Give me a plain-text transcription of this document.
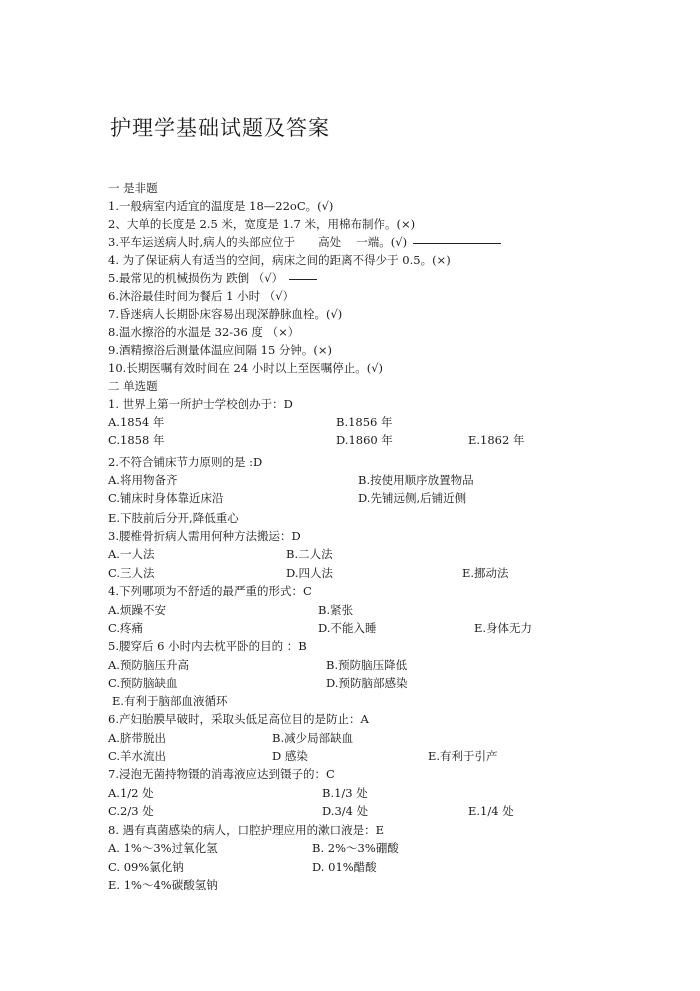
护理学基础试题及答案
一 是非题
1.一般病室内适宜的温度是 18—22oC。(√)
2、大单的长度是 2.5 米，宽度是 1.7 米，用棉布制作。(×)
3.平车运送病人时,病人的头部应位于　　高处　 一端。(√)
4. 为了保证病人有适当的空间，病床之间的距离不得少于 0.5。(×)
5.最常见的机械损伤为 跌倒 （√）
6.沐浴最佳时间为餐后 1 小时 （√）
7.昏迷病人长期卧床容易出现深静脉血栓。(√)
8.温水擦浴的水温是 32-36 度 （×）
9.酒精擦浴后测量体温应间隔 15 分钟。(×)
10.长期医嘱有效时间在 24 小时以上至医嘱停止。(√)
二 单选题
1. 世界上第一所护士学校创办于：D
A.1854 年	B.1856 年
C.1858 年	D.1860 年	E.1862 年
2.不符合铺床节力原则的是 :D
A.将用物备齐	B.按使用顺序放置物品
C.铺床时身体靠近床沿	D.先铺远侧,后铺近侧
E.下肢前后分开,降低重心
3.腰椎骨折病人需用何种方法搬运：D
A.一人法	B.二人法
C.三人法	D.四人法	E.挪动法
4.下列哪项为不舒适的最严重的形式：C
A.烦躁不安	B.紧张
C.疼痛	D.不能入睡	E.身体无力
5.腰穿后 6 小时内去枕平卧的目的 ：B
A.预防脑压升高	B.预防脑压降低
C.预防脑缺血	D.预防脑部感染
E.有利于脑部血液循环
6.产妇胎膜早破时，采取头低足高位目的是防止：A
A.脐带脱出	B.减少局部缺血
C.羊水流出	D 感染	E.有利于引产
7.浸泡无菌持物镊的消毒液应达到镊子的：C
A.1/2 处	B.1/3 处
C.2/3 处	D.3/4 处	E.1/4 处
8. 遇有真菌感染的病人，口腔护理应用的漱口液是：E
A. 1%～3%过氧化氢	B. 2%～3%硼酸
C. 09%氯化钠	D. 01%醋酸
E. 1%～4%碳酸氢钠
